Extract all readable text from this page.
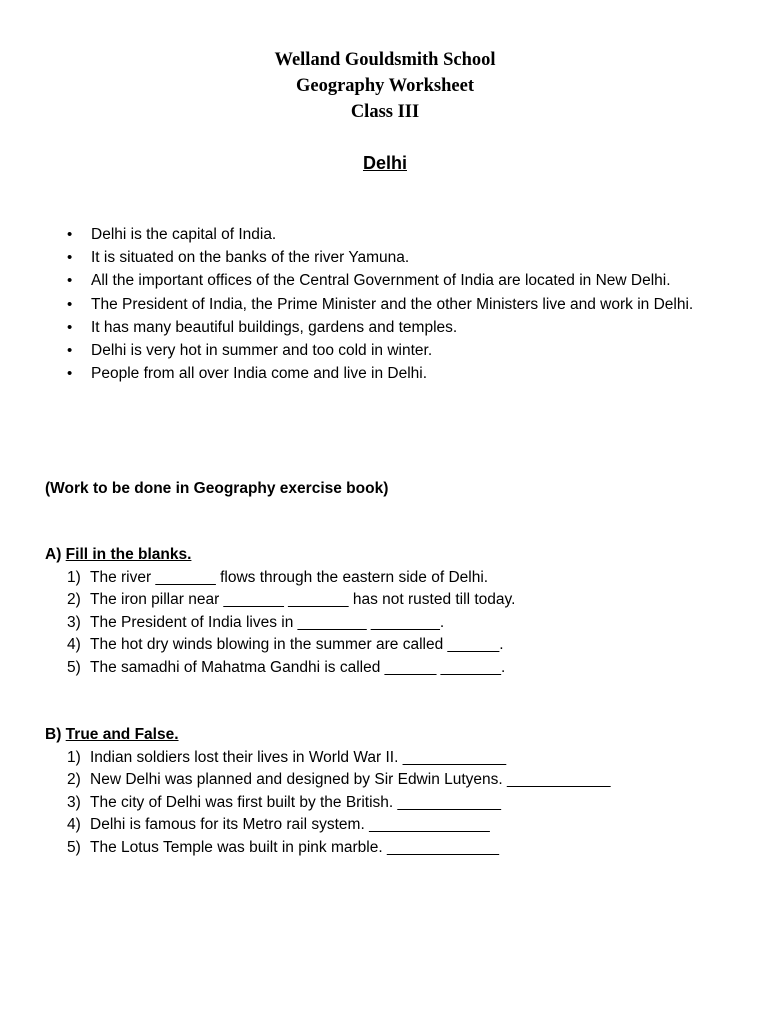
Welland Gouldsmith School
Geography Worksheet
Class III
Delhi
• Delhi is the capital of India.
• It is situated on the banks of the river Yamuna.
• All the important offices of the Central Government of India are located in New Delhi.
• The President of India, the Prime Minister and the other Ministers live and work in Delhi.
• It has many beautiful buildings, gardens and temples.
• Delhi is very hot in summer and too cold in winter.
• People from all over India come and live in Delhi.
(Work to be done in Geography exercise book)
A) Fill in the blanks.
1) The river _______ flows through the eastern side of Delhi.
2) The iron pillar near _______ _______ has not rusted till today.
3) The President of India lives in ________ ________.
4) The hot dry winds blowing in the summer are called ______.
5) The samadhi of Mahatma Gandhi is called ______ _______.
B) True and False.
1) Indian soldiers lost their lives in World War II. ____________
2) New Delhi was planned and designed by Sir Edwin Lutyens. ____________
3) The city of Delhi was first built by the British. ____________
4) Delhi is famous for its Metro rail system. ______________
5) The Lotus Temple was built in pink marble. _____________
